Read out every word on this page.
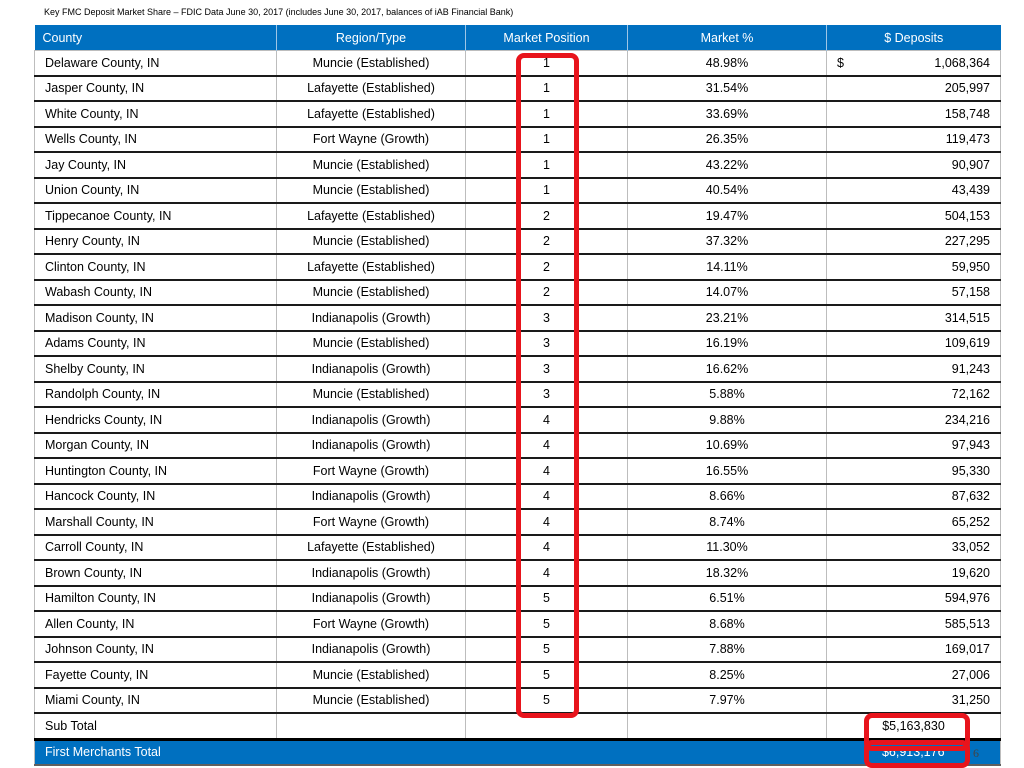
Key FMC Deposit Market Share – FDIC Data June 30, 2017 (includes June 30, 2017, balances of iAB Financial Bank)
County	Region/Type	Market Position	Market %	$ Deposits
Delaware County, IN	Muncie (Established)	1	48.98%	$ 1,068,364

Jasper County, IN	Lafayette (Established)	1	31.54%	205,997

White County, IN	Lafayette (Established)	1	33.69%	158,748

Wells County, IN	Fort Wayne (Growth)	1	26.35%	119,473

Jay County, IN	Muncie (Established)	1	43.22%	90,907

Union County, IN	Muncie (Established)	1	40.54%	43,439

Tippecanoe County, IN	Lafayette (Established)	2	19.47%	504,153

Henry County, IN	Muncie (Established)	2	37.32%	227,295

Clinton County, IN	Lafayette (Established)	2	14.11%	59,950

Wabash County, IN	Muncie (Established)	2	14.07%	57,158

Madison County, IN	Indianapolis (Growth)	3	23.21%	314,515

Adams County, IN	Muncie (Established)	3	16.19%	109,619

Shelby County, IN	Indianapolis (Growth)	3	16.62%	91,243

Randolph County, IN	Muncie (Established)	3	5.88%	72,162

Hendricks County, IN	Indianapolis (Growth)	4	9.88%	234,216

Morgan County, IN	Indianapolis (Growth)	4	10.69%	97,943

Huntington County, IN	Fort Wayne (Growth)	4	16.55%	95,330

Hancock County, IN	Indianapolis (Growth)	4	8.66%	87,632

Marshall County, IN	Fort Wayne (Growth)	4	8.74%	65,252

Carroll County, IN	Lafayette (Established)	4	11.30%	33,052

Brown County, IN	Indianapolis (Growth)	4	18.32%	19,620

Hamilton County, IN	Indianapolis (Growth)	5	6.51%	594,976

Allen County, IN	Fort Wayne (Growth)	5	8.68%	585,513

Johnson County, IN	Indianapolis (Growth)	5	7.88%	169,017

Fayette County, IN	Muncie (Established)	5	8.25%	27,006

Miami County, IN	Muncie (Established)	5	7.97%	31,250

Sub Total				$5,163,830
First Merchants Total				$6,913,176 6
